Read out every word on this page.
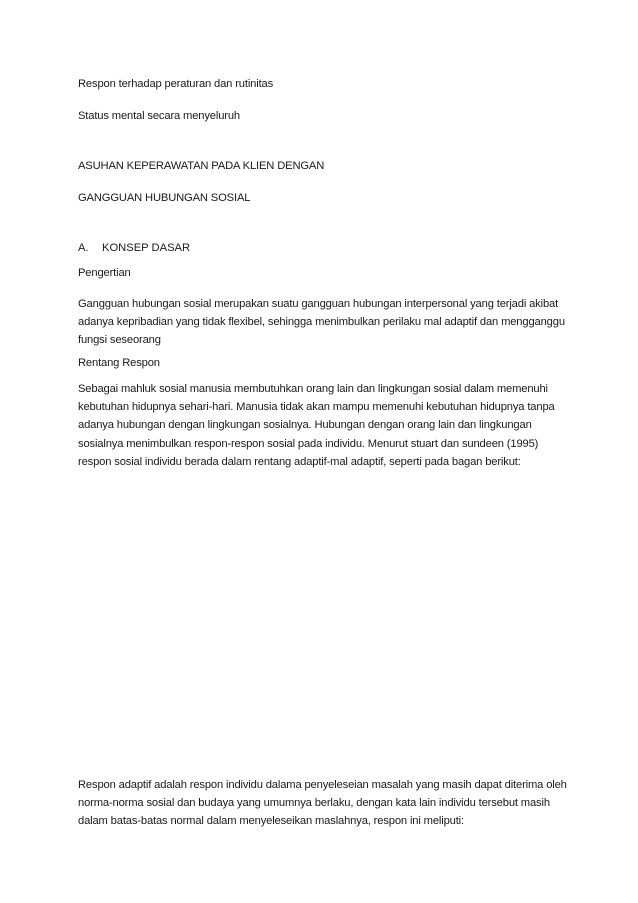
Respon terhadap peraturan dan rutinitas
Status mental secara menyeluruh
ASUHAN KEPERAWATAN PADA KLIEN DENGAN
GANGGUAN HUBUNGAN SOSIAL
A. KONSEP DASAR
Pengertian
Gangguan hubungan sosial merupakan suatu gangguan hubungan interpersonal yang terjadi akibat
adanya kepribadian yang tidak flexibel, sehingga menimbulkan perilaku mal adaptif dan mengganggu
fungsi seseorang
Rentang Respon
Sebagai mahluk sosial manusia membutuhkan orang lain dan lingkungan sosial dalam memenuhi
kebutuhan hidupnya sehari-hari. Manusia tidak akan mampu memenuhi kebutuhan hidupnya tanpa
adanya hubungan dengan lingkungan sosialnya. Hubungan dengan orang lain dan lingkungan
sosialnya menimbulkan respon-respon sosial pada individu. Menurut stuart dan sundeen (1995)
respon sosial individu berada dalam rentang adaptif-mal adaptif, seperti pada bagan berikut:
Respon adaptif adalah respon individu dalama penyeleseian masalah yang masih dapat diterima oleh
norma-norma sosial dan budaya yang umumnya berlaku, dengan kata lain individu tersebut masih
dalam batas-batas normal dalam menyeleseikan maslahnya, respon ini meliputi:
